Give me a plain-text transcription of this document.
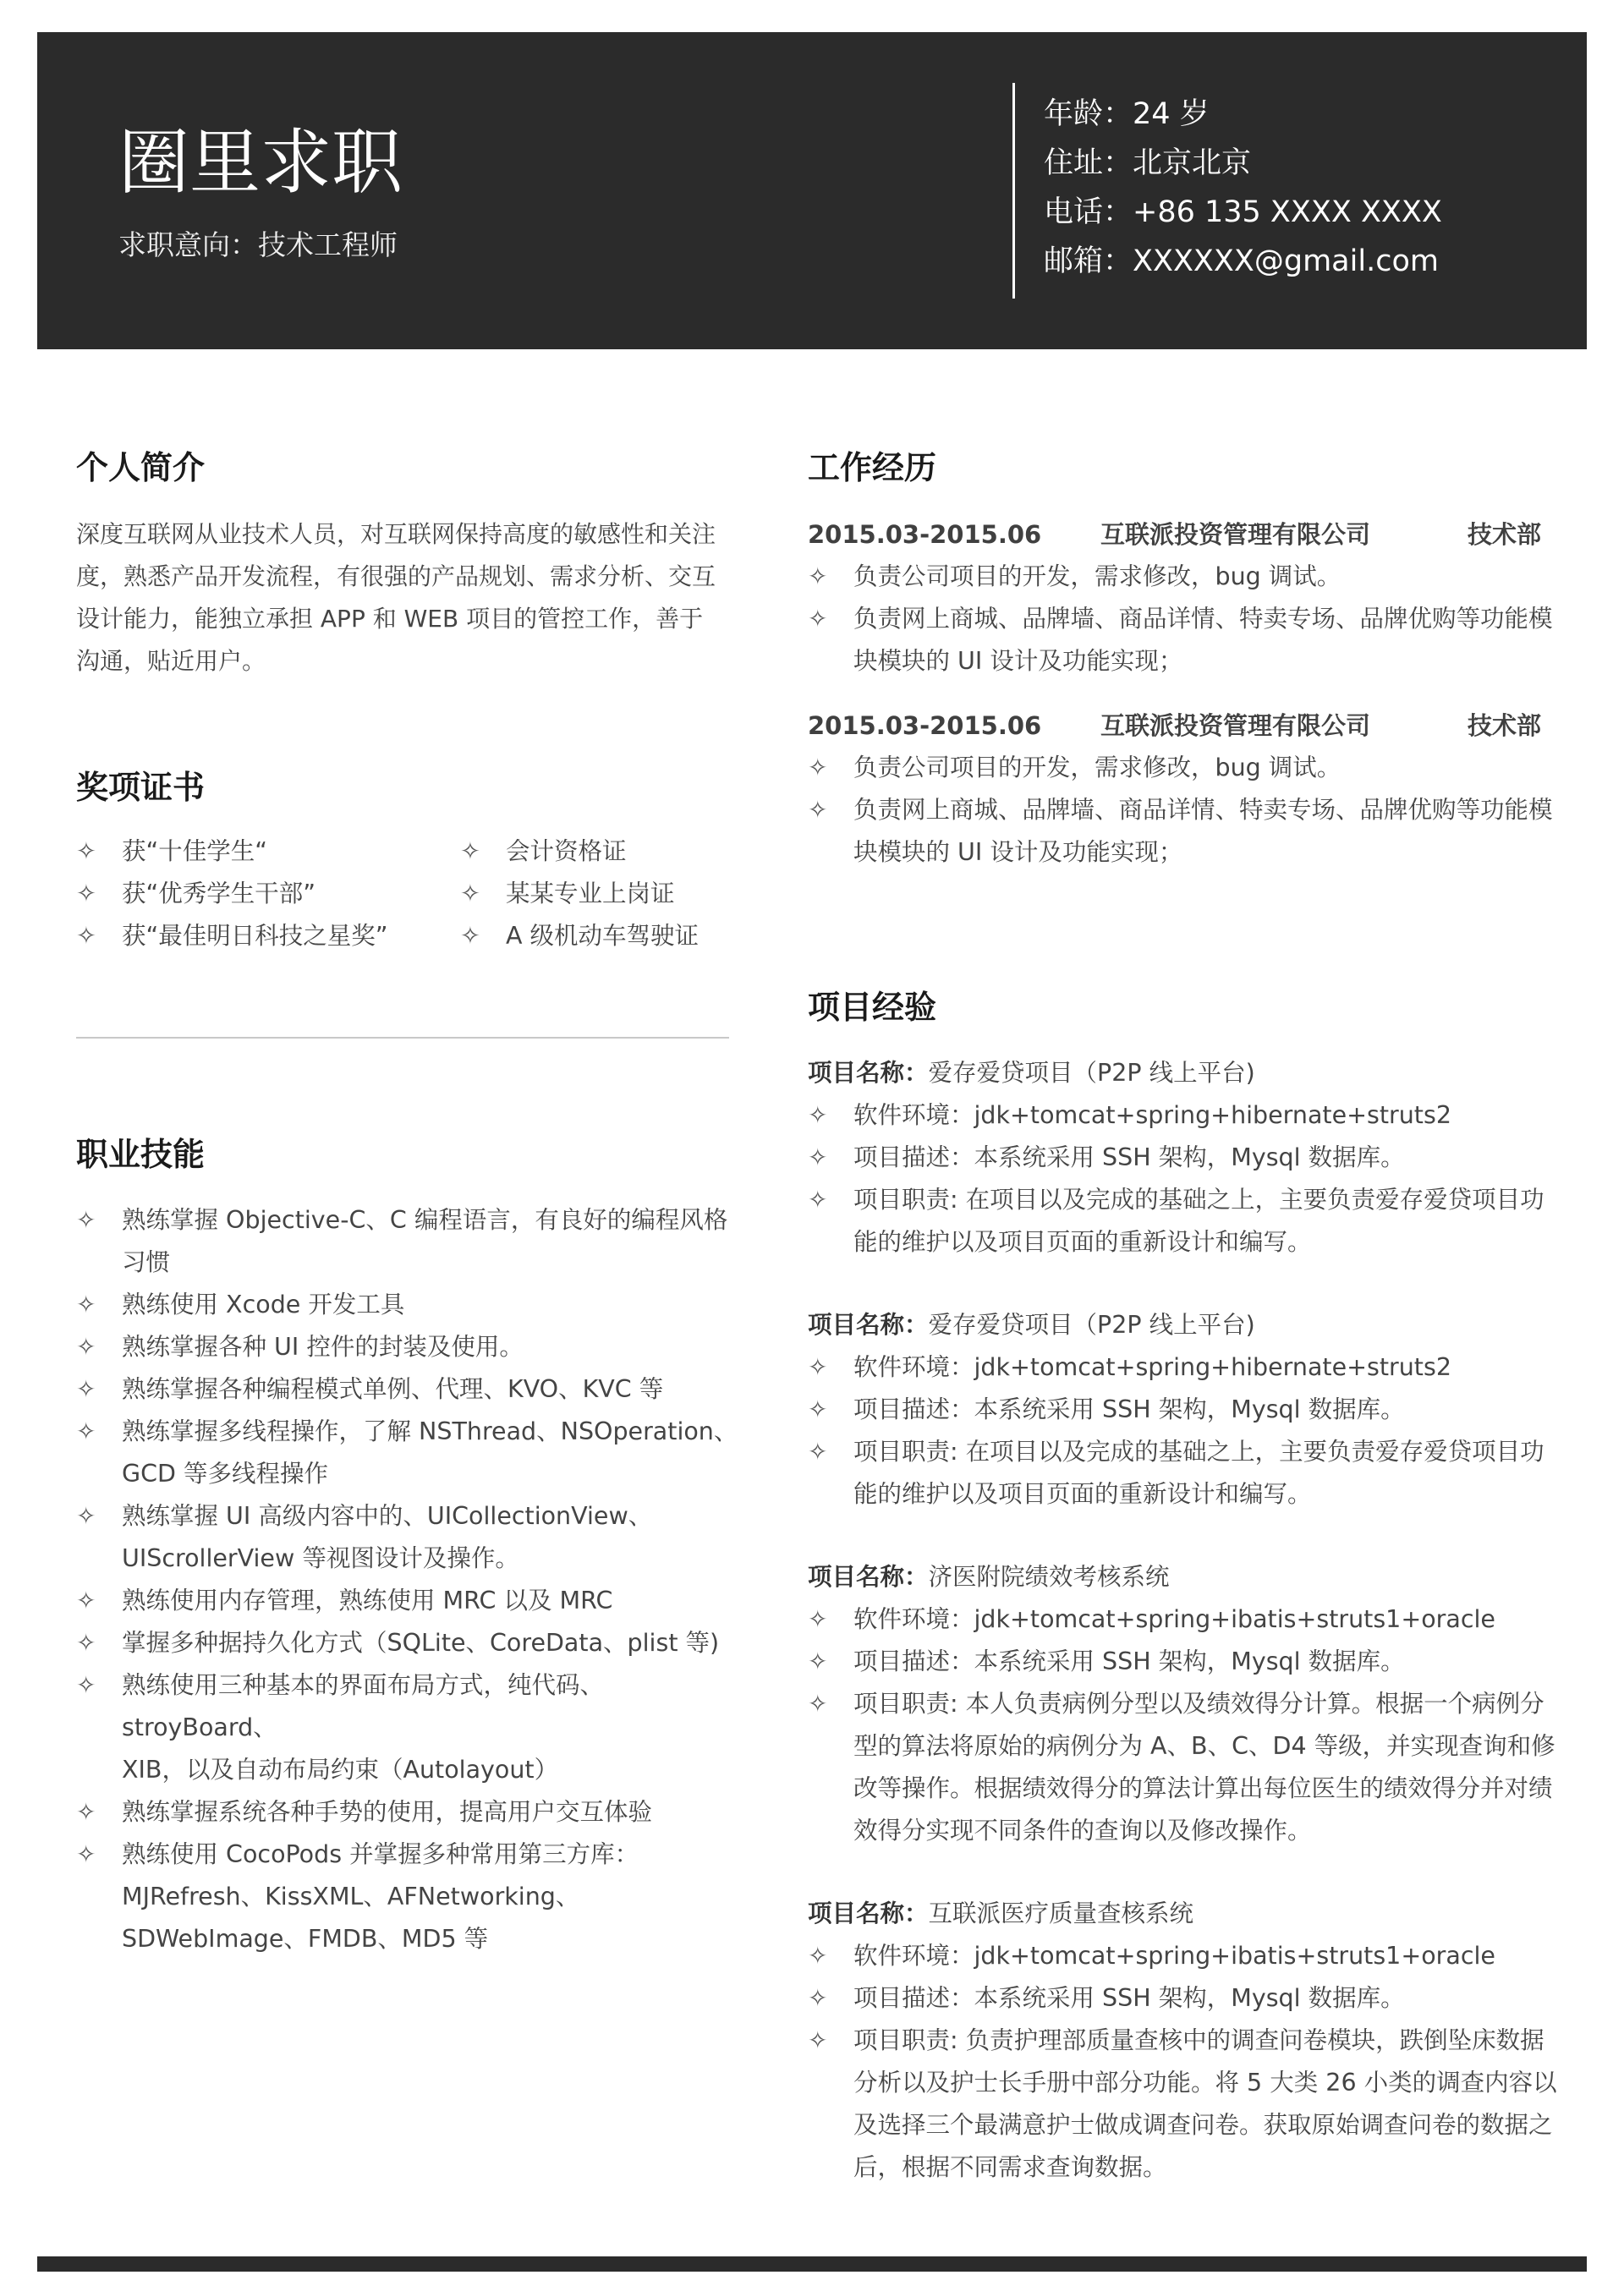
圈里求职

求职意向：技术工程师

年龄：24 岁
住址：北京北京
电话：+86 135 XXXX XXXX
邮箱：XXXXXX@gmail.com
个人简介
深度互联网从业技术人员，对互联网保持高度的敏感性和关注
度，熟悉产品开发流程，有很强的产品规划、需求分析、交互
设计能力，能独立承担 APP 和 WEB 项目的管控工作，善于
沟通，贴近用户。
奖项证书
✧ 获“十佳学生“
✧ 获“优秀学生干部”
✧ 获“最佳明日科技之星奖”
✧ 会计资格证
✧ 某某专业上岗证
✧ A 级机动车驾驶证
职业技能
✧ 熟练掌握 Objective-C、C 编程语言，有良好的编程风格
习惯
✧ 熟练使用 Xcode 开发工具
✧ 熟练掌握各种 UI 控件的封装及使用。
✧ 熟练掌握各种编程模式单例、代理、KVO、KVC 等
✧ 熟练掌握多线程操作，了解 NSThread、NSOperation、
GCD 等多线程操作
✧ 熟练掌握 UI 高级内容中的、UICollectionView、
UIScrollerView 等视图设计及操作。
✧ 熟练使用内存管理，熟练使用 MRC 以及 MRC
✧ 掌握多种据持久化方式（SQLite、CoreData、plist 等)
✧ 熟练使用三种基本的界面布局方式，纯代码、stroyBoard、
XIB，以及自动布局约束（Autolayout）
✧ 熟练掌握系统各种手势的使用，提高用户交互体验
✧ 熟练使用 CocoPods 并掌握多种常用第三方库：
MJRefresh、KissXML、AFNetworking、
SDWebImage、FMDB、MD5 等
工作经历
2015.03-2015.06 互联派投资管理有限公司	技术部
✧ 负责公司项目的开发，需求修改，bug 调试。
✧ 负责网上商城、品牌墙、商品详情、特卖专场、品牌优购等功能模
块模块的 UI 设计及功能实现；
2015.03-2015.06 互联派投资管理有限公司	技术部
✧ 负责公司项目的开发，需求修改，bug 调试。
✧ 负责网上商城、品牌墙、商品详情、特卖专场、品牌优购等功能模
块模块的 UI 设计及功能实现；
项目经验
项目名称：爱存爱贷项目（P2P 线上平台)
✧ 软件环境：jdk+tomcat+spring+hibernate+struts2
✧ 项目描述：本系统采用 SSH 架构，Mysql 数据库。
✧ 项目职责: 在项目以及完成的基础之上，主要负责爱存爱贷项目功
能的维护以及项目页面的重新设计和编写。
项目名称：爱存爱贷项目（P2P 线上平台)
✧ 软件环境：jdk+tomcat+spring+hibernate+struts2
✧ 项目描述：本系统采用 SSH 架构，Mysql 数据库。
✧ 项目职责: 在项目以及完成的基础之上，主要负责爱存爱贷项目功
能的维护以及项目页面的重新设计和编写。
项目名称：济医附院绩效考核系统
✧ 软件环境：jdk+tomcat+spring+ibatis+struts1+oracle
✧ 项目描述：本系统采用 SSH 架构，Mysql 数据库。
✧ 项目职责: 本人负责病例分型以及绩效得分计算。根据一个病例分
型的算法将原始的病例分为 A、B、C、D4 等级，并实现查询和修
改等操作。根据绩效得分的算法计算出每位医生的绩效得分并对绩
效得分实现不同条件的查询以及修改操作。
项目名称：互联派医疗质量查核系统
✧ 软件环境：jdk+tomcat+spring+ibatis+struts1+oracle
✧ 项目描述：本系统采用 SSH 架构，Mysql 数据库。
✧ 项目职责: 负责护理部质量查核中的调查问卷模块，跌倒坠床数据
分析以及护士长手册中部分功能。将 5 大类 26 小类的调查内容以
及选择三个最满意护士做成调查问卷。获取原始调查问卷的数据之
后，根据不同需求查询数据。
